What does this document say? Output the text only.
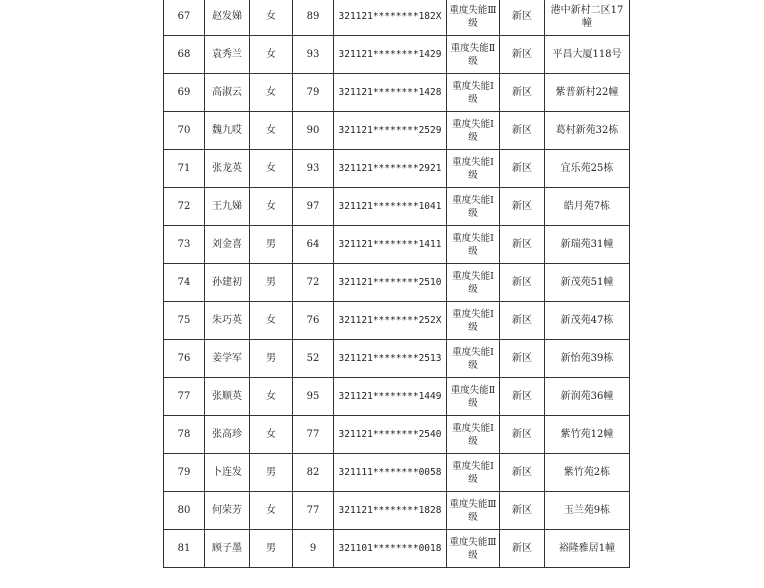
67	赵发娣	女	89	321121********182X	重度失能Ⅲ级	新区	港中新村二区17幢
68	袁秀兰	女	93	321121********1429	重度失能Ⅱ级	新区	平昌大厦118号
69	高淑云	女	79	321121********1428	重度失能Ⅰ级	新区	紫普新村22幢
70	魏九哎	女	90	321121********2529	重度失能Ⅰ级	新区	葛村新苑32栋
71	张龙英	女	93	321121********2921	重度失能Ⅰ级	新区	宜乐苑25栋
72	王九娣	女	97	321121********1041	重度失能Ⅰ级	新区	皓月苑7栋
73	刘金喜	男	64	321121********1411	重度失能Ⅰ级	新区	新瑞苑31幢
74	孙建初	男	72	321121********2510	重度失能Ⅰ级	新区	新茂苑51幢
75	朱巧英	女	76	321121********252X	重度失能Ⅰ级	新区	新茂苑47栋
76	姜学军	男	52	321121********2513	重度失能Ⅰ级	新区	新怡苑39栋
77	张顺英	女	95	321121********1449	重度失能Ⅱ级	新区	新润苑36幢
78	张高珍	女	77	321121********2540	重度失能Ⅰ级	新区	紫竹苑12幢
79	卜连发	男	82	321111********0058	重度失能Ⅰ级	新区	紫竹苑2栋
80	何荣芳	女	77	321121********1828	重度失能Ⅲ级	新区	玉兰苑9栋
81	顾子墨	男	9	321101********0018	重度失能Ⅲ级	新区	裕隆雅居1幢
